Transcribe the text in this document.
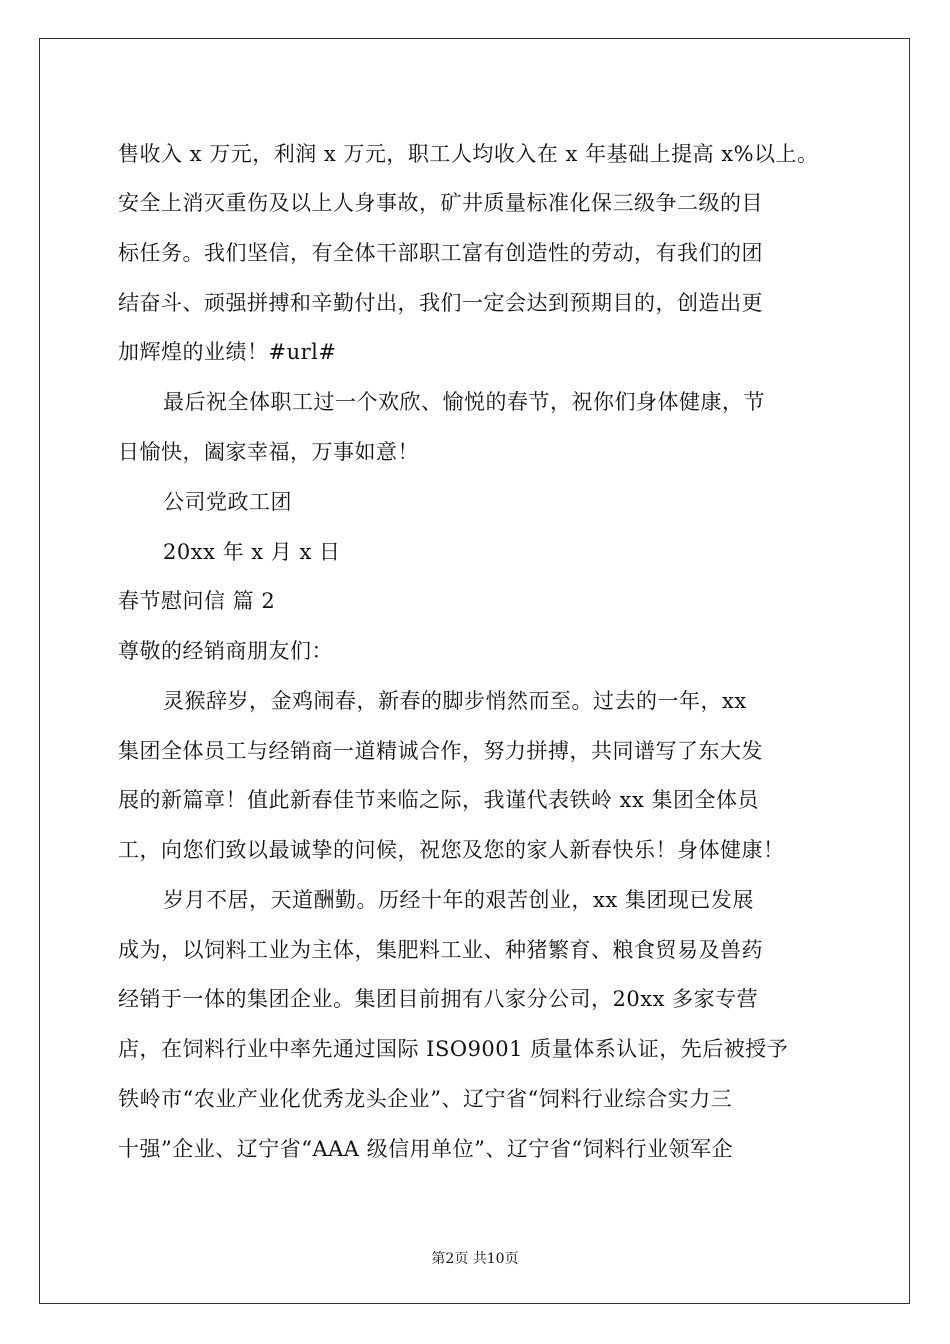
售收入 x 万元，利润 x 万元，职工人均收入在 x 年基础上提高 x%以上。
安全上消灭重伤及以上人身事故，矿井质量标准化保三级争二级的目
标任务。我们坚信，有全体干部职工富有创造性的劳动，有我们的团
结奋斗、顽强拼搏和辛勤付出，我们一定会达到预期目的，创造出更
加辉煌的业绩！#url#
最后祝全体职工过一个欢欣、愉悦的春节，祝你们身体健康，节
日愉快，阖家幸福，万事如意！
公司党政工团
20xx 年 x 月 x 日
春节慰问信 篇 2
尊敬的经销商朋友们：
灵猴辞岁，金鸡闹春，新春的脚步悄然而至。过去的一年，xx
集团全体员工与经销商一道精诚合作，努力拼搏，共同谱写了东大发
展的新篇章！值此新春佳节来临之际，我谨代表铁岭 xx 集团全体员
工，向您们致以最诚挚的问候，祝您及您的家人新春快乐！身体健康！
岁月不居，天道酬勤。历经十年的艰苦创业，xx 集团现已发展
成为，以饲料工业为主体，集肥料工业、种猪繁育、粮食贸易及兽药
经销于一体的集团企业。集团目前拥有八家分公司，20xx 多家专营
店，在饲料行业中率先通过国际 ISO9001 质量体系认证，先后被授予
铁岭市“农业产业化优秀龙头企业”、辽宁省“饲料行业综合实力三
十强”企业、辽宁省“AAA 级信用单位”、辽宁省“饲料行业领军企
第2页 共10页
